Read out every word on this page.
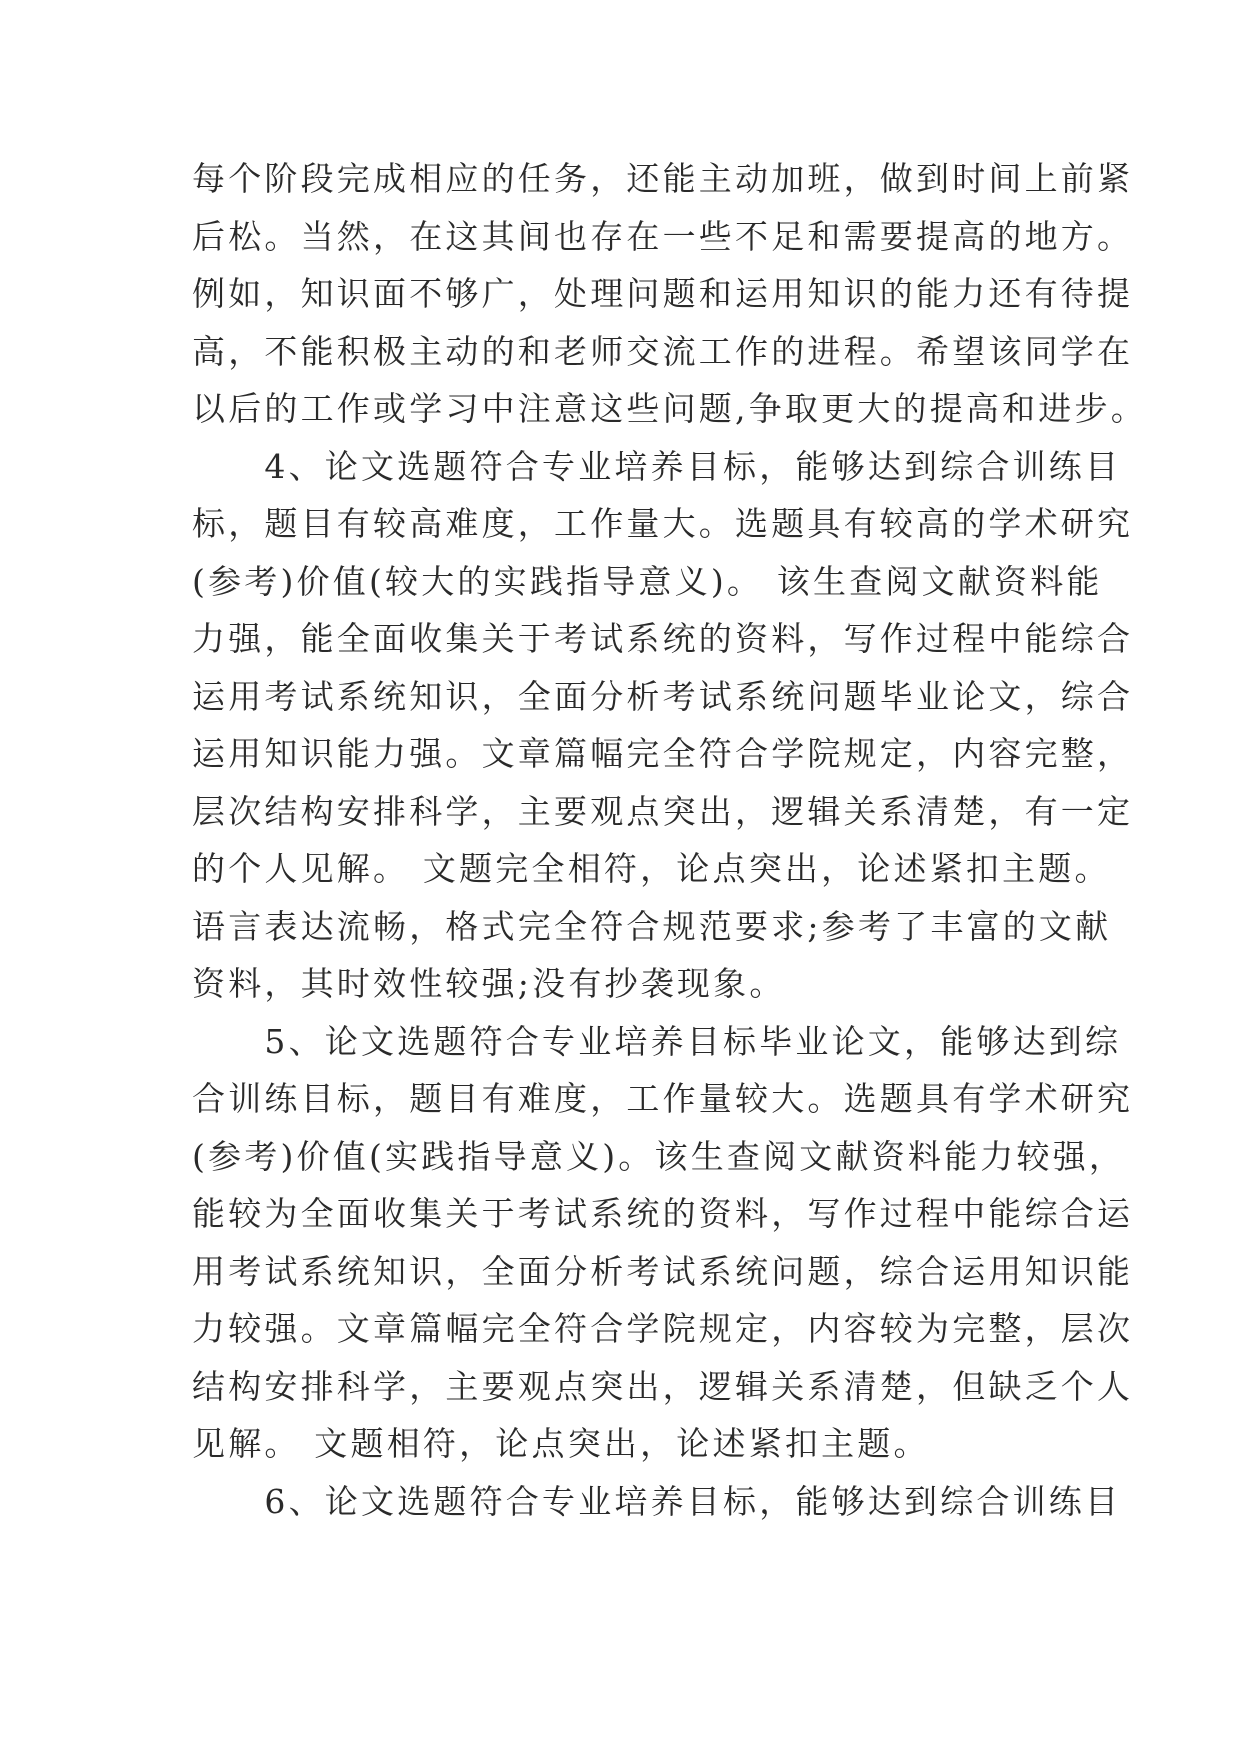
每个阶段完成相应的任务，还能主动加班，做到时间上前紧
后松。当然，在这其间也存在一些不足和需要提高的地方。
例如，知识面不够广，处理问题和运用知识的能力还有待提
高，不能积极主动的和老师交流工作的进程。希望该同学在
以后的工作或学习中注意这些问题,争取更大的提高和进步。
　　4、论文选题符合专业培养目标，能够达到综合训练目
标，题目有较高难度，工作量大。选题具有较高的学术研究
(参考)价值(较大的实践指导意义)。 该生查阅文献资料能
力强，能全面收集关于考试系统的资料，写作过程中能综合
运用考试系统知识，全面分析考试系统问题毕业论文，综合
运用知识能力强。文章篇幅完全符合学院规定，内容完整，
层次结构安排科学，主要观点突出，逻辑关系清楚，有一定
的个人见解。 文题完全相符，论点突出，论述紧扣主题。
语言表达流畅，格式完全符合规范要求;参考了丰富的文献
资料，其时效性较强;没有抄袭现象。
　　5、论文选题符合专业培养目标毕业论文，能够达到综
合训练目标，题目有难度，工作量较大。选题具有学术研究
(参考)价值(实践指导意义)。该生查阅文献资料能力较强，
能较为全面收集关于考试系统的资料，写作过程中能综合运
用考试系统知识，全面分析考试系统问题，综合运用知识能
力较强。文章篇幅完全符合学院规定，内容较为完整，层次
结构安排科学，主要观点突出，逻辑关系清楚，但缺乏个人
见解。 文题相符，论点突出，论述紧扣主题。
　　6、论文选题符合专业培养目标，能够达到综合训练目
